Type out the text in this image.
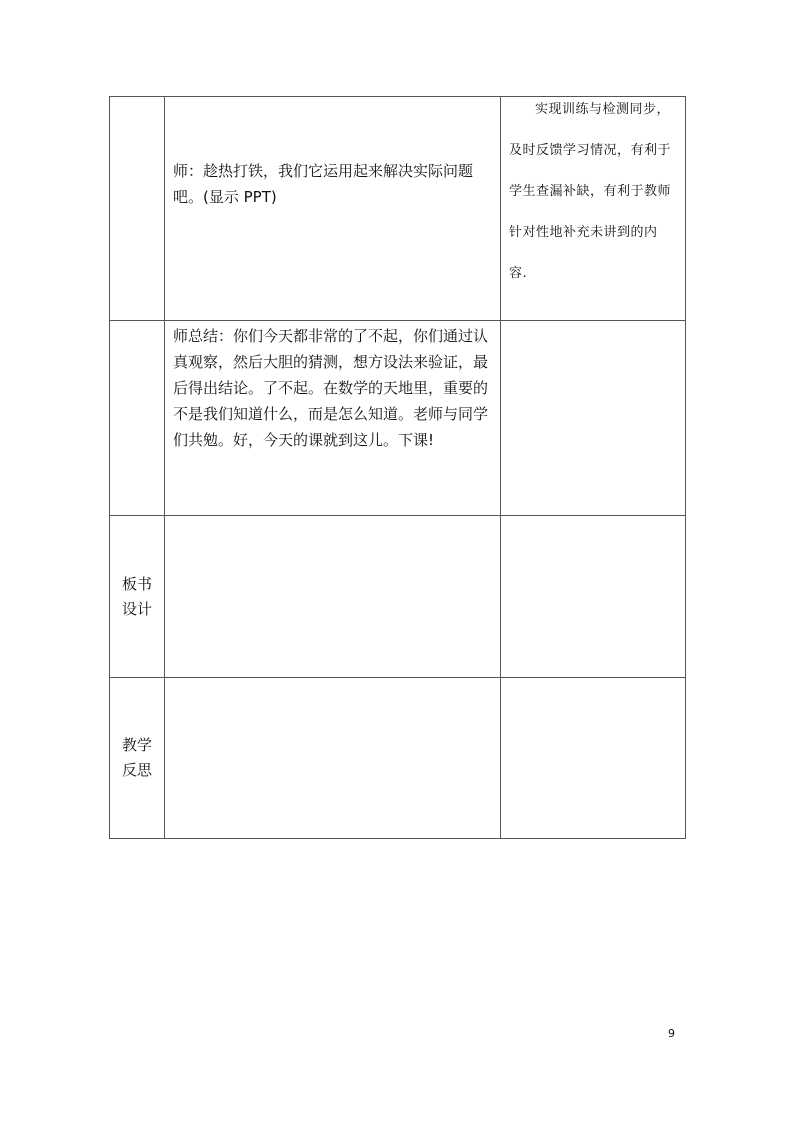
	师：趁热打铁，我们它运用起来解决实际问题吧。(显示 PPT)	实现训练与检测同步，及时反馈学习情况，有利于学生查漏补缺，有利于教师针对性地补充未讲到的内容.

	师总结：你们今天都非常的了不起，你们通过认真观察，然后大胆的猜测，想方设法来验证，最后得出结论。了不起。在数学的天地里，重要的不是我们知道什么，而是怎么知道。老师与同学们共勉。好，今天的课就到这儿。下课!	

板书
设计		

教学
反思		

9
